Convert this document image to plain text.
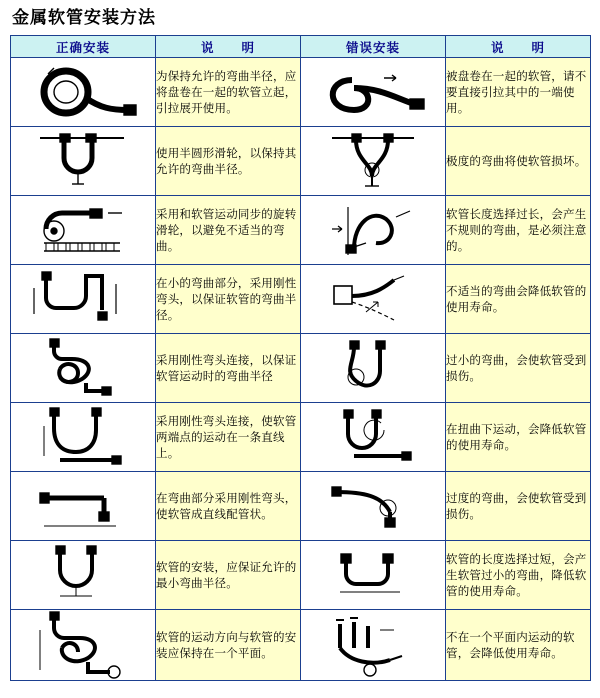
金属软管安装方法
正确安装	说　　明	错误安装	说　　明

	为保持允许的弯曲半径，应将盘卷在一起的软管立起，引拉展开使用。		被盘卷在一起的软管，请不要直接引拉其中的一端使用。

	使用半圆形滑轮，以保持其允许的弯曲半径。		极度的弯曲将使软管损坏。

	采用和软管运动同步的旋转滑轮，以避免不适当的弯曲。		软管长度选择过长，会产生不规则的弯曲，是必须注意的。

	在小的弯曲部分，采用刚性弯头，以保证软管的弯曲半径。		不适当的弯曲会降低软管的使用寿命。

	采用刚性弯头连接，以保证软管运动时的弯曲半径		过小的弯曲，会使软管受到损伤。

	采用刚性弯头连接，使软管两端点的运动在一条直线上。		在扭曲下运动，会降低软管的使用寿命。

	在弯曲部分采用刚性弯头，使软管成直线配管状。		过度的弯曲，会使软管受到损伤。

	软管的安装，应保证允许的最小弯曲半径。		软管的长度选择过短，会产生软管过小的弯曲，降低软管的使用寿命。

	软管的运动方向与软管的安装应保持在一个平面。		不在一个平面内运动的软管，会降低使用寿命。
